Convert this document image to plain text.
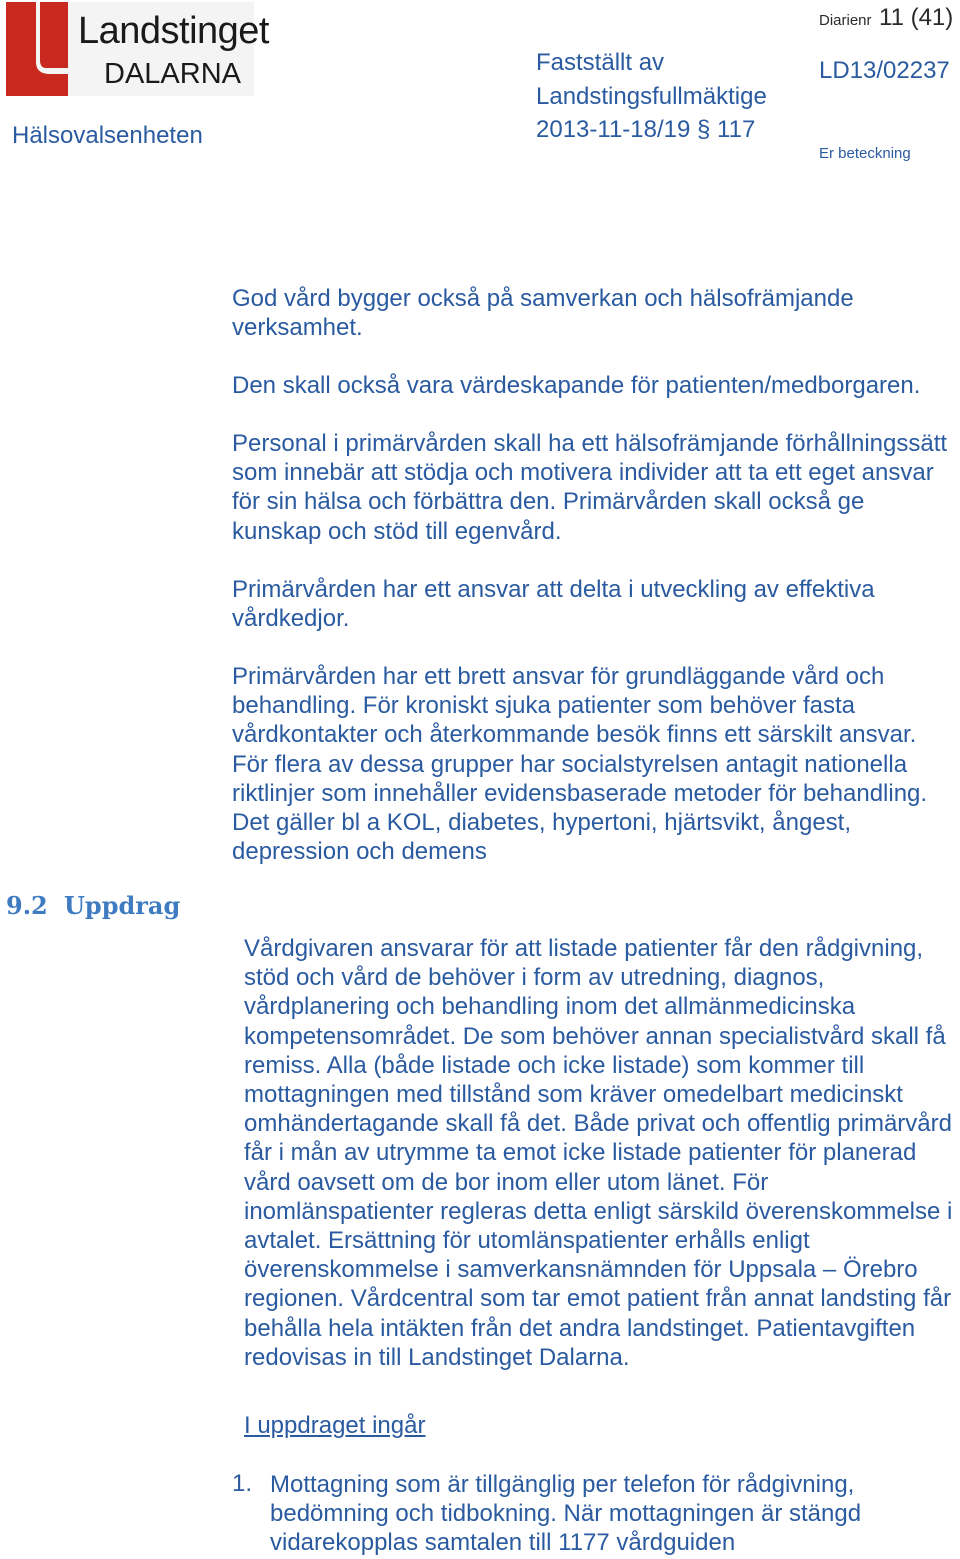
Landstinget
DALARNA
Hälsovalsenheten
Fastställt av
Landstingsfullmäktige
2013-11-18/19 § 117
Diarienr 11 (41)
LD13/02237
Er beteckning
God vård bygger också på samverkan och hälsofrämjande verksamhet.
Den skall också vara värdeskapande för patienten/medborgaren.
Personal i primärvården skall ha ett hälsofrämjande förhållningssätt som innebär att stödja och motivera individer att ta ett eget ansvar för sin hälsa och förbättra den. Primärvården skall också ge kunskap och stöd till egenvård.
Primärvården har ett ansvar att delta i utveckling av effektiva vårdkedjor.
Primärvården har ett brett ansvar för grundläggande vård och behandling. För kroniskt sjuka patienter som behöver fasta vårdkontakter och återkommande besök finns ett särskilt ansvar. För flera av dessa grupper har socialstyrelsen antagit nationella riktlinjer som innehåller evidensbaserade metoder för behandling. Det gäller bl a KOL, diabetes, hypertoni, hjärtsvikt, ångest, depression och demens
9.2 Uppdrag
Vårdgivaren ansvarar för att listade patienter får den rådgivning, stöd och vård de behöver i form av utredning, diagnos, vårdplanering och behandling inom det allmänmedicinska kompetensområdet. De som behöver annan specialistvård skall få remiss. Alla (både listade och icke listade) som kommer till mottagningen med tillstånd som kräver omedelbart medicinskt omhändertagande skall få det. Både privat och offentlig primärvård får i mån av utrymme ta emot icke listade patienter för planerad vård oavsett om de bor inom eller utom länet. För inomlänspatienter regleras detta enligt särskild överenskommelse i avtalet. Ersättning för utomlänspatienter erhålls enligt överenskommelse i samverkansnämnden för Uppsala – Örebro regionen. Vårdcentral som tar emot patient från annat landsting får behålla hela intäkten från det andra landstinget. Patientavgiften redovisas in till Landstinget Dalarna.
I uppdraget ingår
1. Mottagning som är tillgänglig per telefon för rådgivning, bedömning och tidbokning. När mottagningen är stängd vidarekopplas samtalen till 1177 vårdguiden
